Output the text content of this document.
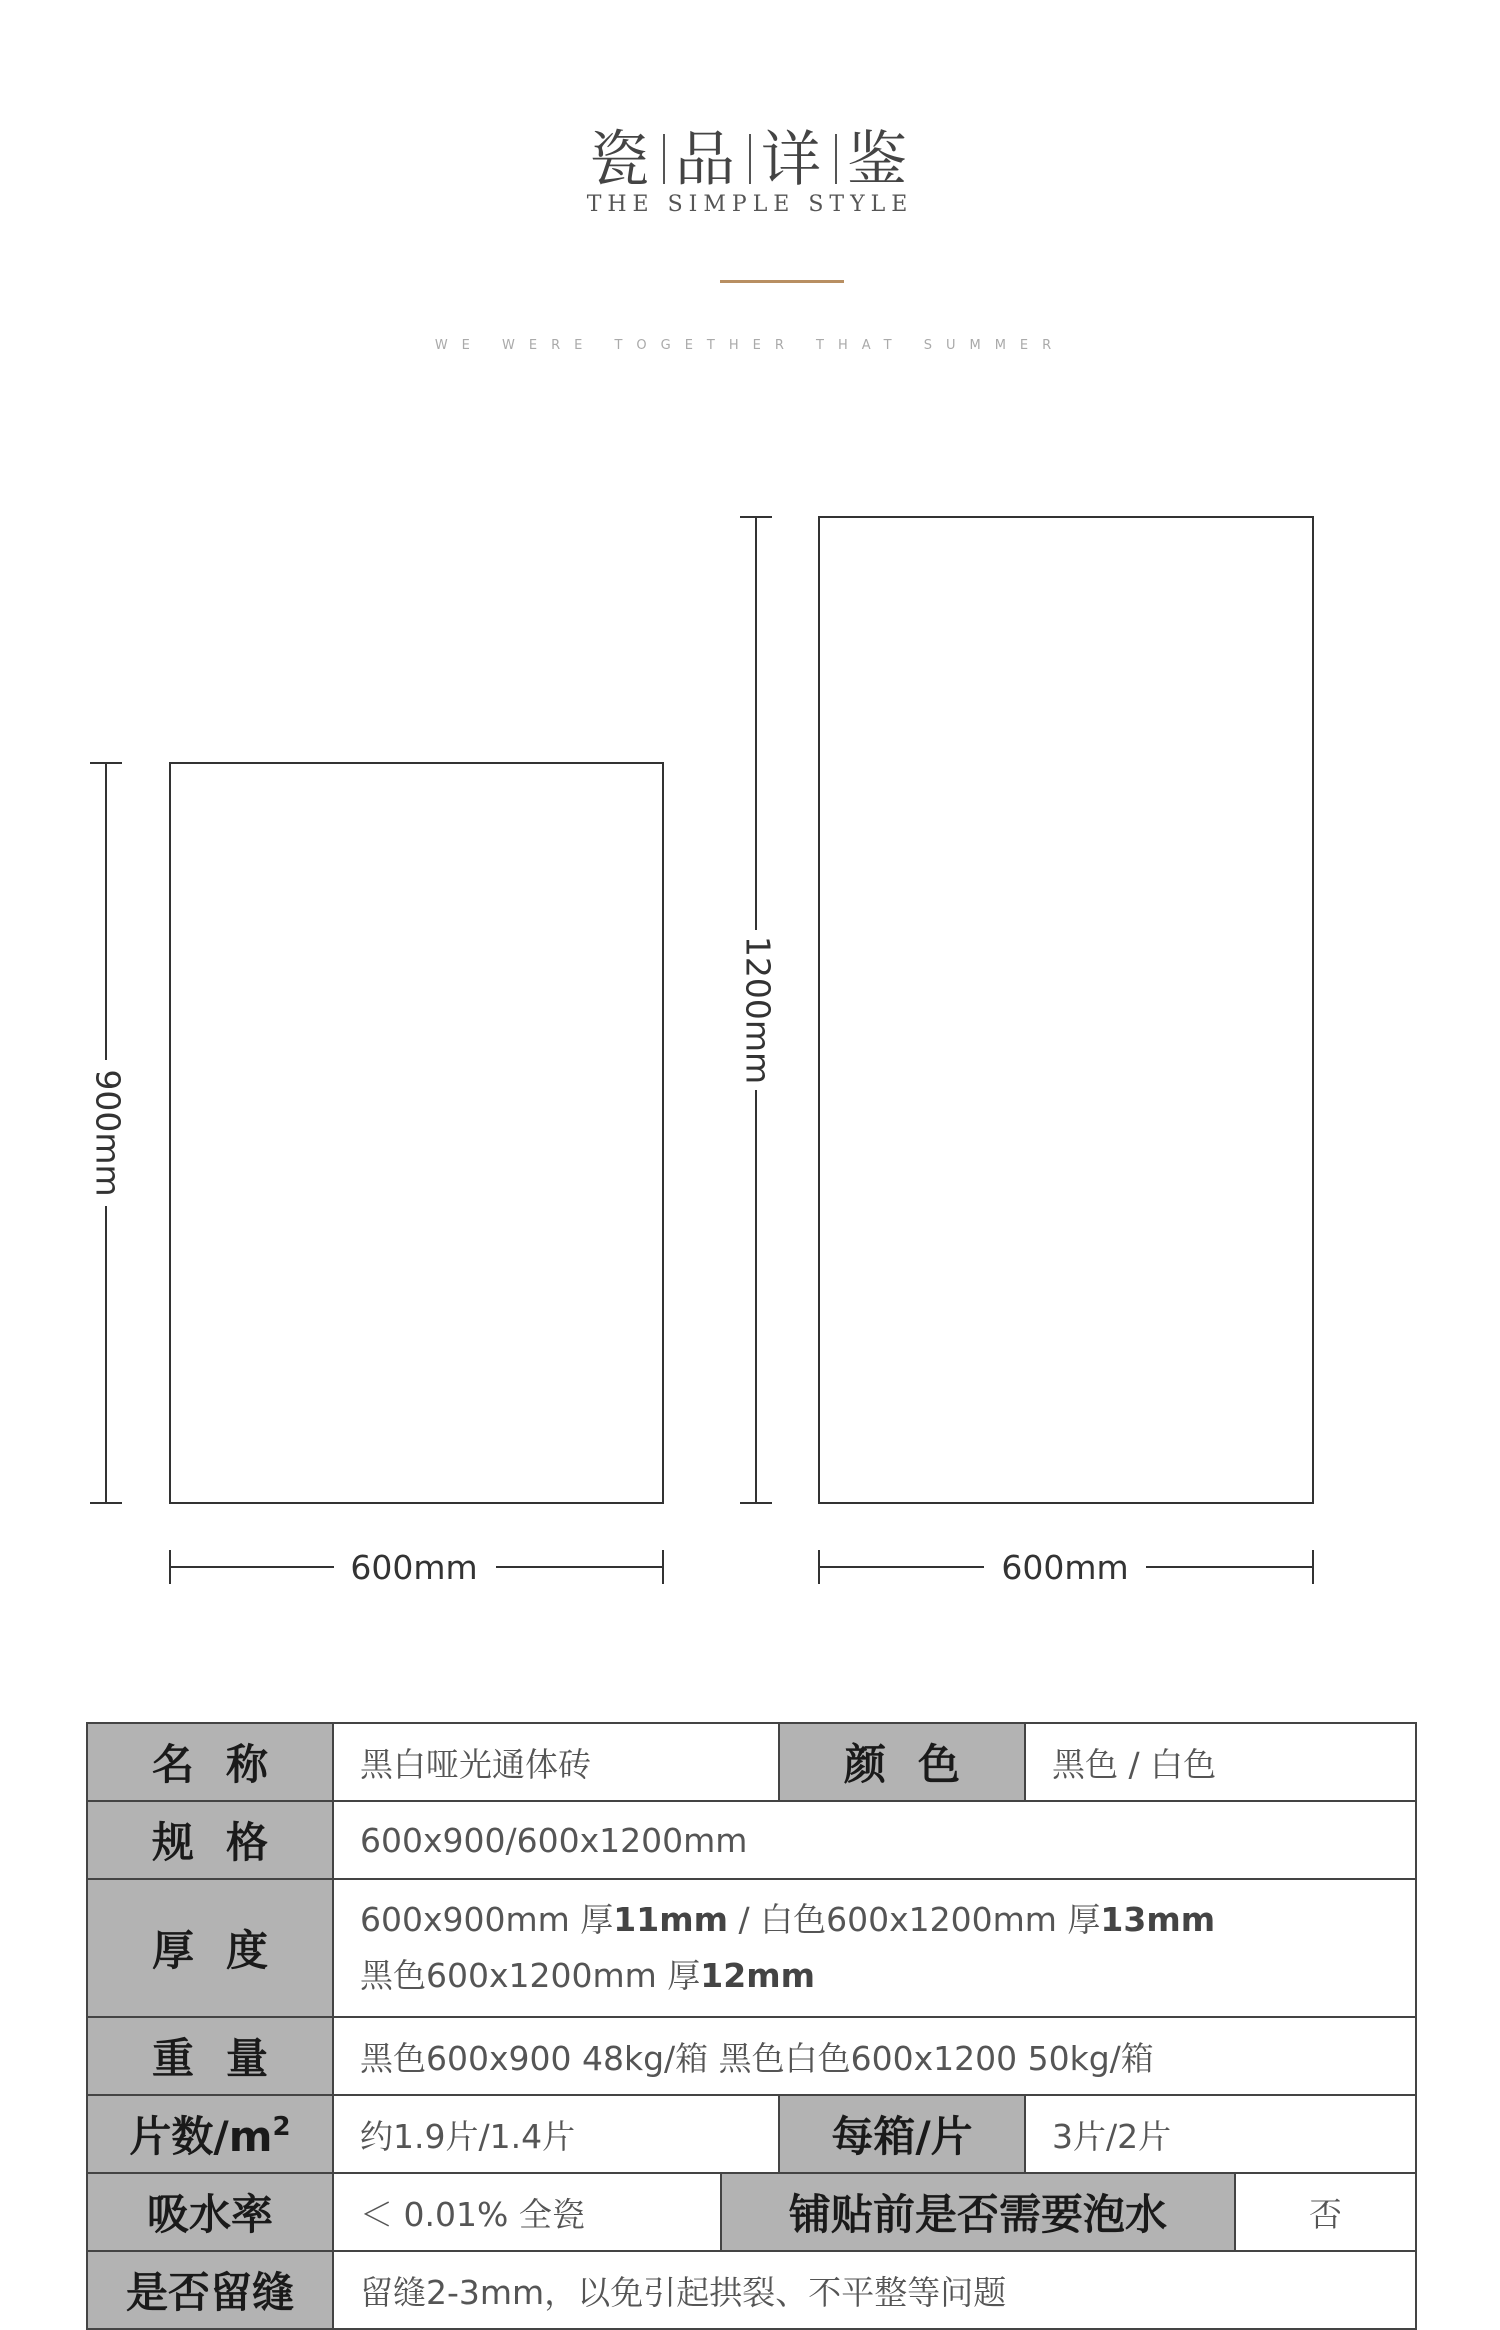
瓷 品 详 鉴
THE SIMPLE STYLE
WE WERE TOGETHER THAT SUMMER
900mm
600mm
1200mm
600mm
名称	黑白哑光通体砖		颜色	黑色 / 白色	
规格	600x900/600x1200mm				
厚度	600x900mm 厚11mm / 白色600x1200mm 厚13mm
黑色600x1200mm 厚12mm				

重量	黑色600x900 48kg/箱 黑色白色600x1200 50kg/箱				
片数$/m^2$	约1.9片/1.4片		每箱/片	3片/2片	
吸水率	＜ 0.01% 全瓷	铺贴前是否需要泡水			否
是否留缝	留缝2-3mm，以免引起拱裂、不平整等问题				
